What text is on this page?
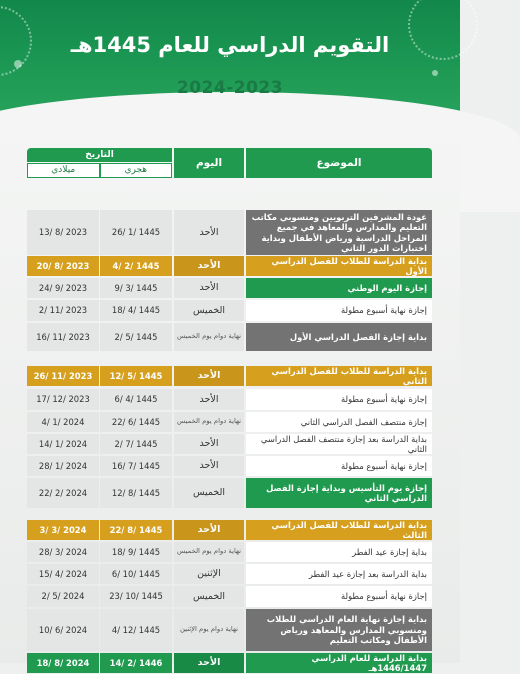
التقويم الدراسي للعام 1445هـ
2024-2023
الموضوع
اليوم
التاريخ
هجري
ميلادي
عودة المشرفين التربويين ومنسوبي مكاتب التعليم والمدارس والمعاهد في جميع المراحل الدراسية ورياض الأطفال وبداية اختبارات الدور الثاني
الأحد
26/ 1/ 1445
13/ 8/ 2023
بداية الدراسة للطلاب للفصل الدراسي الأول
الأحد
4/ 2/ 1445
20/ 8/ 2023
إجازة اليوم الوطني
الأحد
9/ 3/ 1445
24/ 9/ 2023
إجازة نهاية أسبوع مطولة
الخميس
18/ 4/ 1445
2/ 11/ 2023
بداية إجازة الفصل الدراسي الأول
نهاية دوام يوم الخميس
2/ 5/ 1445
16/ 11/ 2023
بداية الدراسة للطلاب للفصل الدراسي الثاني
الأحد
12/ 5/ 1445
26/ 11/ 2023
إجازة نهاية أسبوع مطولة
الأحد
6/ 4/ 1445
17/ 12/ 2023
إجازة منتصف الفصل الدراسي الثاني
نهاية دوام يوم الخميس
22/ 6/ 1445
4/ 1/ 2024
بداية الدراسة بعد إجازة منتصف الفصل الدراسي الثاني
الأحد
2/ 7/ 1445
14/ 1/ 2024
إجازة نهاية أسبوع مطولة
الأحد
16/ 7/ 1445
28/ 1/ 2024
إجازة يوم التأسيس وبداية إجازة الفصل الدراسي الثاني
الخميس
12/ 8/ 1445
22/ 2/ 2024
بداية الدراسة للطلاب للفصل الدراسي الثالث
الأحد
22/ 8/ 1445
3/ 3/ 2024
بداية إجازة عيد الفطر
نهاية دوام يوم الخميس
18/ 9/ 1445
28/ 3/ 2024
بداية الدراسة بعد إجازة عيد الفطر
الإثنين
6/ 10/ 1445
15/ 4/ 2024
إجازة نهاية أسبوع مطولة
الخميس
23/ 10/ 1445
2/ 5/ 2024
بداية إجازة نهاية العام الدراسي للطلاب ومنسوبي المدارس والمعاهد ورياض الأطفال ومكاتب التعليم
نهاية دوام يوم الإثنين
4/ 12/ 1445
10/ 6/ 2024
بداية الدراسة للعام الدراسي 1446/1447هـ
الأحد
14/ 2/ 1446
18/ 8/ 2024
